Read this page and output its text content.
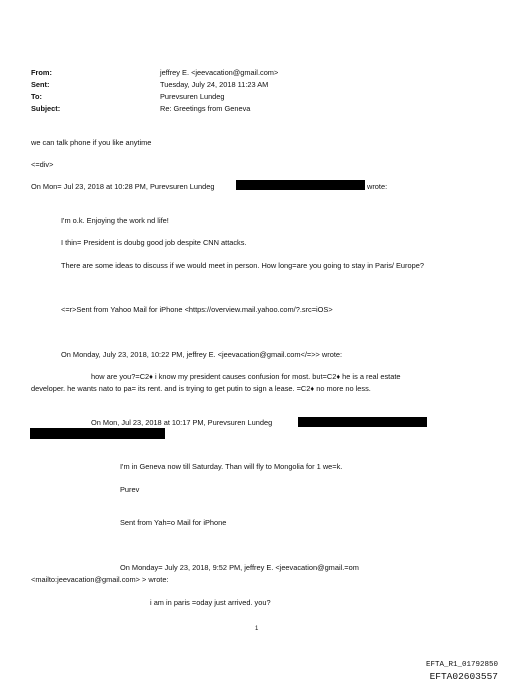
From:	jeffrey E. <jeevacation@gmail.com>
Sent:	Tuesday, July 24, 2018 11:23 AM
To:	Purevsuren Lundeg
Subject:	Re: Greetings from Geneva
we can talk phone if you like anytime
<=div>
On Mon= Jul 23, 2018 at 10:28 PM, Purevsuren Lundeg	wrote:
I'm o.k. Enjoying the work nd life!
I thin= President is doubg good job despite CNN attacks.
There are some ideas to discuss if we would meet in person. How long=are you going to stay in Paris/ Europe?
<=r>Sent from Yahoo Mail for iPhone <https://overview.mail.yahoo.com/?.src=iOS>
On Monday, July 23, 2018, 10:22 PM, jeffrey E. <jeevacation@gmail.com</=>> wrote:
how are you?=C2♦ i know my president causes confusion for most. but=C2♦ he is a real estate
developer. he wants nato to pa= its rent. and is trying to get putin to sign a lease. =C2♦ no more no less.
On Mon, Jul 23, 2018 at 10:17 PM, Purevsuren Lundeg
I'm in Geneva now till Saturday. Than will fly to Mongolia for 1 we=k.
Purev
Sent from Yah=o Mail for iPhone
On Monday= July 23, 2018, 9:52 PM, jeffrey E. <jeevacation@gmail.=om
<mailto:jeevacation@gmail.com> > wrote:
i am in paris =oday just arrived. you?
1
EFTA_R1_01792850
EFTA02603557
